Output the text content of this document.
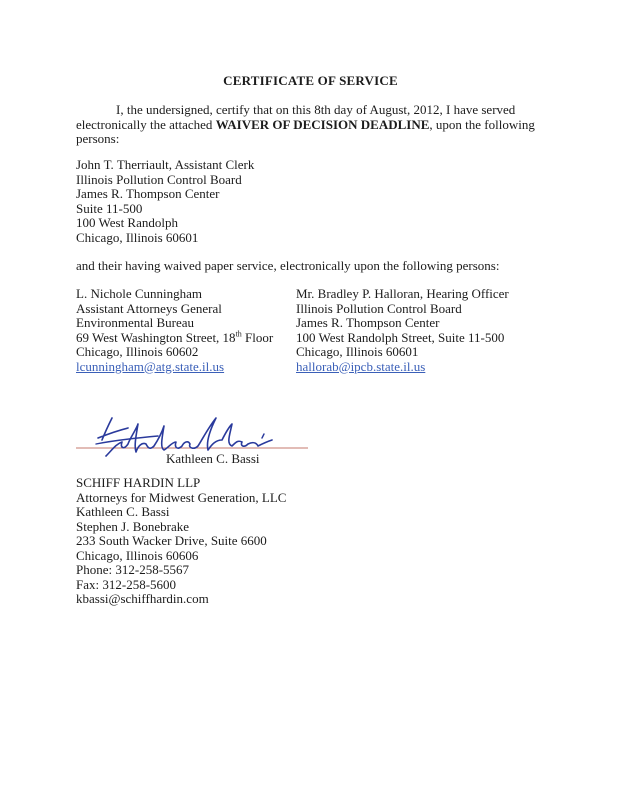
CERTIFICATE OF SERVICE

I, the undersigned, certify that on this 8th day of August, 2012, I have served electronically the attached WAIVER OF DECISION DEADLINE, upon the following persons:

John T. Therriault, Assistant Clerk
Illinois Pollution Control Board
James R. Thompson Center
Suite 11-500
100 West Randolph
Chicago, Illinois 60601
and their having waived paper service, electronically upon the following persons:
L. Nichole Cunningham
Assistant Attorneys General
Environmental Bureau
69 West Washington Street, 18th Floor
Chicago, Illinois 60602
lcunningham@atg.state.il.us
Mr. Bradley P. Halloran, Hearing Officer
Illinois Pollution Control Board
James R. Thompson Center
100 West Randolph Street, Suite 11-500
Chicago, Illinois 60601
hallorab@ipcb.state.il.us
Kathleen C. Bassi
SCHIFF HARDIN LLP
Attorneys for Midwest Generation, LLC
Kathleen C. Bassi
Stephen J. Bonebrake
233 South Wacker Drive, Suite 6600
Chicago, Illinois 60606
Phone: 312-258-5567
Fax: 312-258-5600
kbassi@schiffhardin.com
